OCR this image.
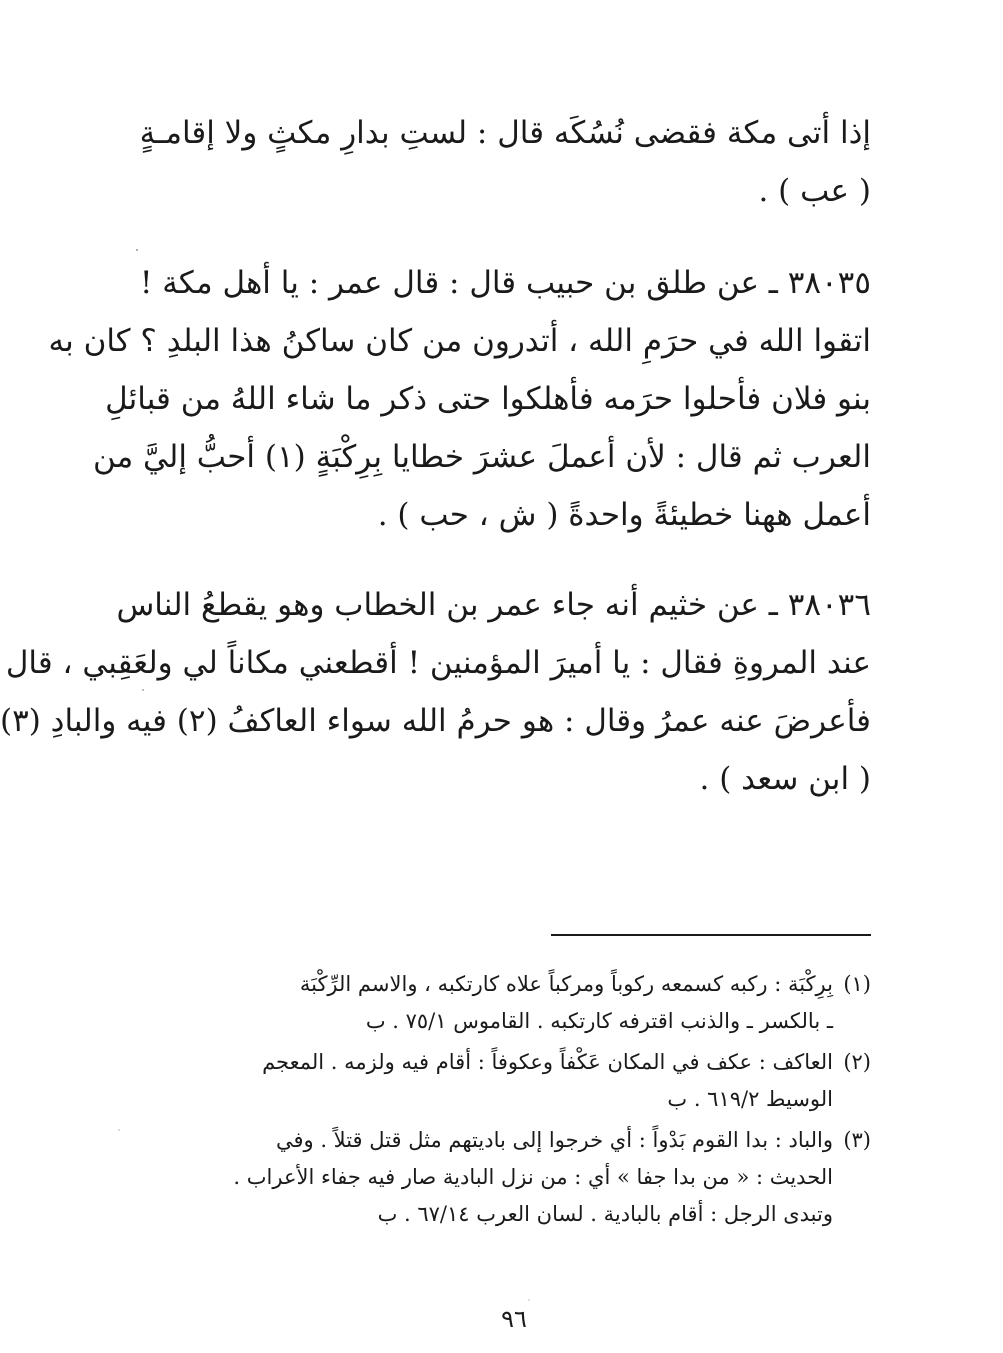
إذا أتى مكة فقضى نُسُكَه قال : لستِ بدارِ مكثٍ ولا إقامـةٍ
( عب ) .

٣٨٠٣٥ ـ عن طلق بن حبيب قال : قال عمر : يا أهل مكة !
اتقوا الله في حرَمِ الله ، أتدرون من كان ساكنُ هذا البلدِ ؟ كان به
بنو فلان فأحلوا حرَمه فأهلكوا حتى ذكر ما شاء اللهُ من قبائلِ
العرب ثم قال : لأن أعملَ عشرَ خطايا بِرِكْبَةٍ (١) أحبُّ إليَّ من
أعمل ههنا خطيئةً واحدةً ( ش ، حب ) .

٣٨٠٣٦ ـ عن خثيم أنه جاء عمر بن الخطاب وهو يقطعُ الناس
عند المروةِ فقال : يا أميرَ المؤمنين ! أقطعني مكاناً لي ولعَقِبي ، قال
فأعرضَ عنه عمرُ وقال : هو حرمُ الله سواء العاكفُ (٢) فيه والبادِ (٣)
( ابن سعد ) .

(١)
بِرِكْبَة : ركبه كسمعه ركوباً ومركباً علاه كارتكبه ، والاسم الرِّكْبَة
ـ بالكسر ـ والذنب اقترفه كارتكبه . القاموس ٧٥/١ . ب
(٢)
العاكف : عكف في المكان عَكْفاً وعكوفاً : أقام فيه ولزمه . المعجم
الوسيط ٦١٩/٢ . ب
(٣)
والباد : بدا القوم بَدْواً : أي خرجوا إلى باديتهم مثل قتل قتلاً . وفي
الحديث : « من بدا جفا » أي : من نزل البادية صار فيه جفاء الأعراب .
وتبدى الرجل : أقام بالبادية . لسان العرب ٦٧/١٤ . ب
٩٦
